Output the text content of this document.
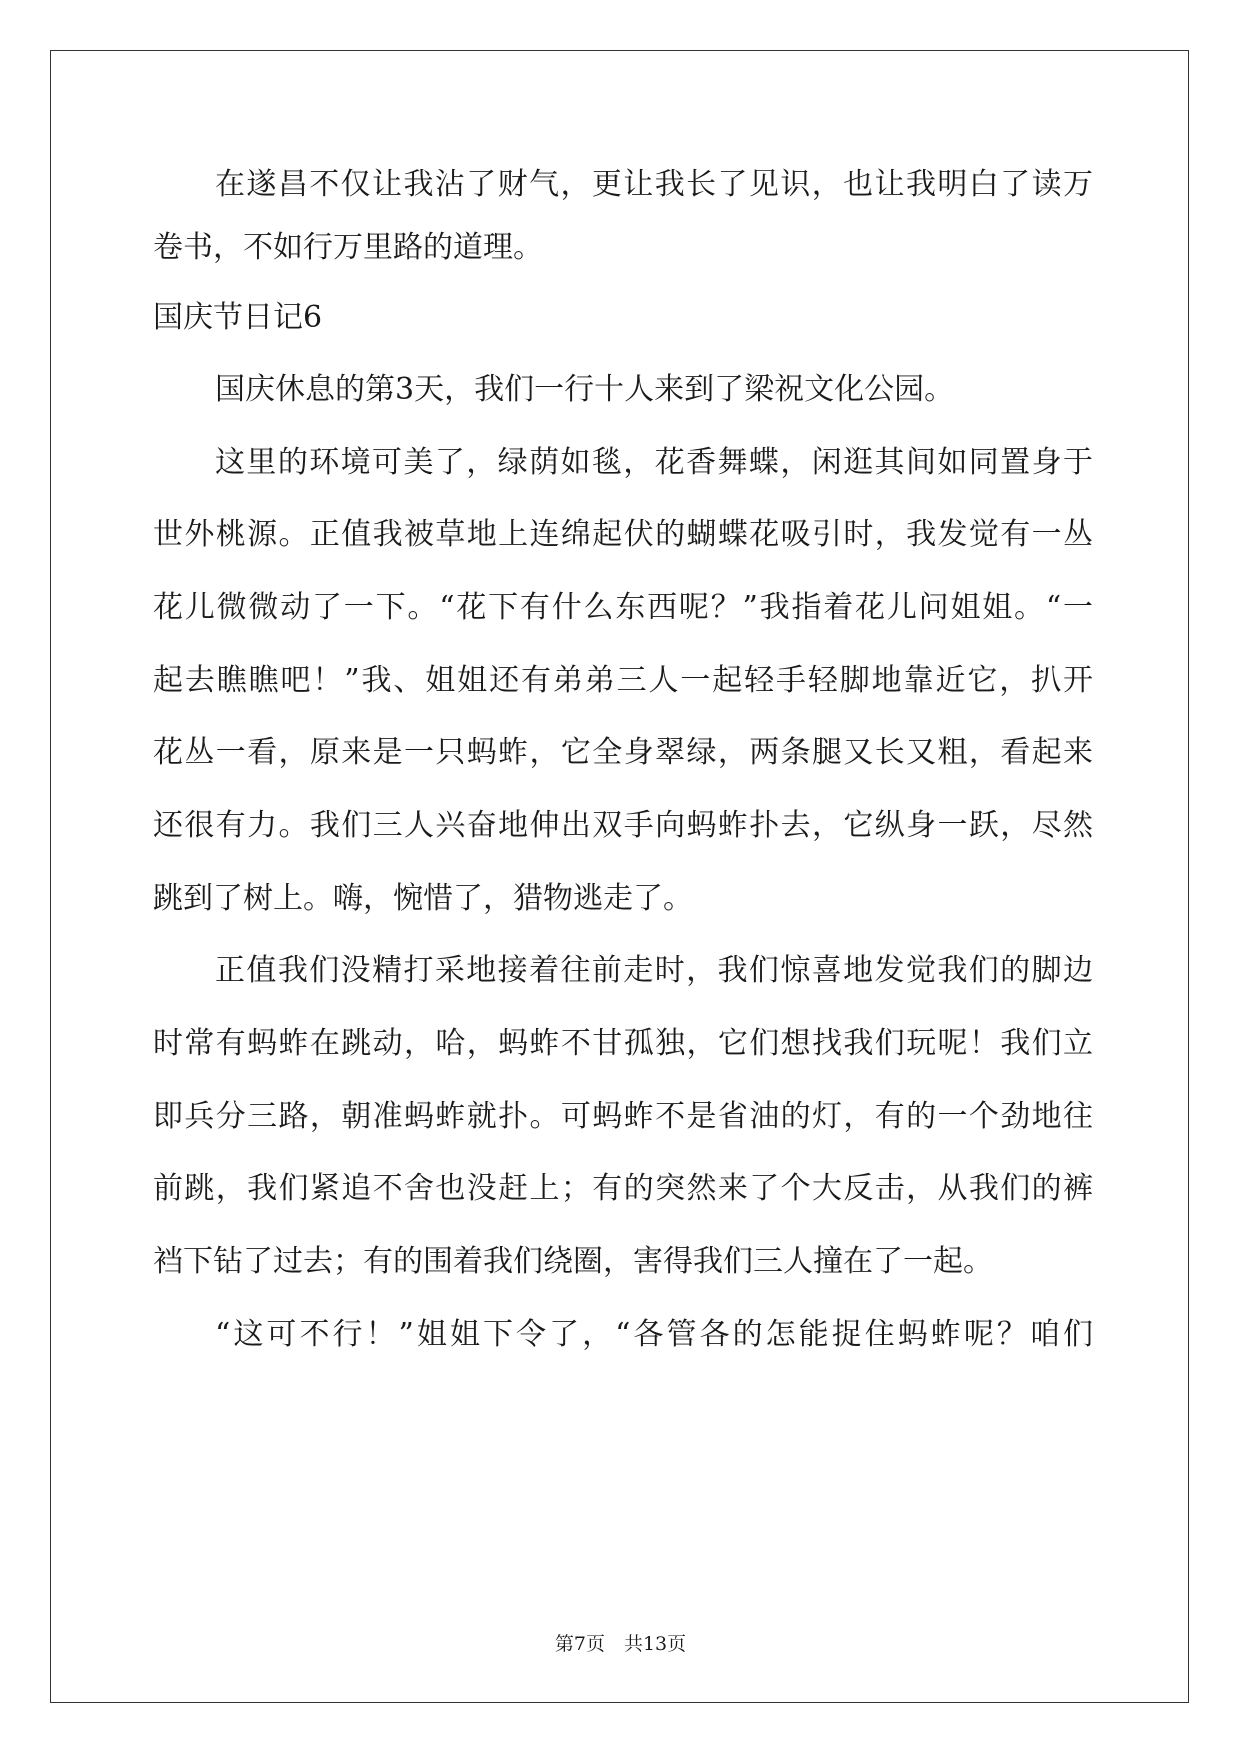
在遂昌不仅让我沾了财气，更让我长了见识，也让我明白了读万
卷书，不如行万里路的道理。
国庆节日记6
国庆休息的第3天，我们一行十人来到了梁祝文化公园。
这里的环境可美了，绿荫如毯，花香舞蝶，闲逛其间如同置身于
世外桃源。正值我被草地上连绵起伏的蝴蝶花吸引时，我发觉有一丛
花儿微微动了一下。“花下有什么东西呢？”我指着花儿问姐姐。“一
起去瞧瞧吧！”我、姐姐还有弟弟三人一起轻手轻脚地靠近它，扒开
花丛一看，原来是一只蚂蚱，它全身翠绿，两条腿又长又粗，看起来
还很有力。我们三人兴奋地伸出双手向蚂蚱扑去，它纵身一跃，尽然
跳到了树上。嗨，惋惜了，猎物逃走了。
正值我们没精打采地接着往前走时，我们惊喜地发觉我们的脚边
时常有蚂蚱在跳动，哈，蚂蚱不甘孤独，它们想找我们玩呢！我们立
即兵分三路，朝准蚂蚱就扑。可蚂蚱不是省油的灯，有的一个劲地往
前跳，我们紧追不舍也没赶上；有的突然来了个大反击，从我们的裤
裆下钻了过去；有的围着我们绕圈，害得我们三人撞在了一起。
“这可不行！”姐姐下令了，“各管各的怎能捉住蚂蚱呢？咱们
第7页　共13页
